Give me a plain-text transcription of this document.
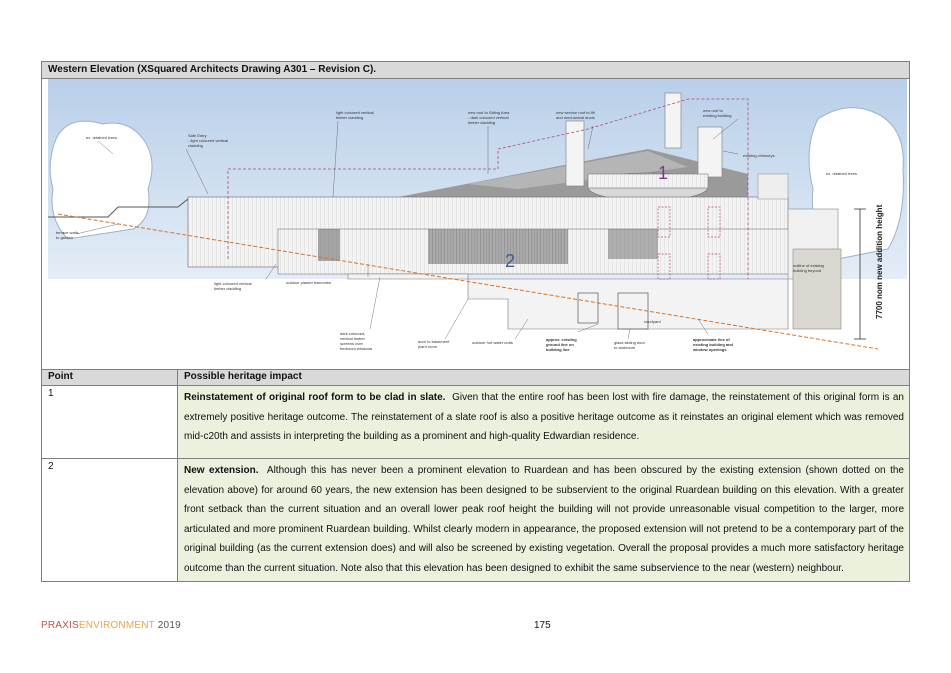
Western Elevation (XSquared Architects Drawing A301 – Revision C).
1
2	7700 nom new addition height
ex. retained trees	Safe Entry
- light coloured vertical
cladding
light coloured vertical
timber cladding
new roof to Sitting Area
- dark coloured vertical
timber cladding
new service roof to lift
and mechanical ducts
new roof to
existing building
existing chimneys
ex. retained trees
terrace walls
to garden
light coloured vertical
timber cladding
outdoor planter balconies
outline of existing
building beyond
dark coloured,
vertical timber
screens over
bedroom windows
door to basement
plant room
outdoor hot water units
approx. existing
ground line on
building line
glass sliding door
to stairroom
courtyard
approximate line of
existing building and
window openings
Point	Possible heritage impact
1	Reinstatement of original roof form to be clad in slate. Given that the entire roof has been lost with fire damage, the reinstatement of this original form is an extremely positive heritage outcome. The reinstatement of a slate roof is also a positive heritage outcome as it reinstates an original element which was removed mid-c20th and assists in interpreting the building as a prominent and high-quality Edwardian residence.
2	New extension. Although this has never been a prominent elevation to Ruardean and has been obscured by the existing extension (shown dotted on the elevation above) for around 60 years, the new extension has been designed to be subservient to the original Ruardean building on this elevation. With a greater front setback than the current situation and an overall lower peak roof height the building will not provide unreasonable visual competition to the larger, more articulated and more prominent Ruardean building. Whilst clearly modern in appearance, the proposed extension will not pretend to be a contemporary part of the original building (as the current extension does) and will also be screened by existing vegetation. Overall the proposal provides a much more satisfactory heritage outcome than the current situation. Note also that this elevation has been designed to exhibit the same subservience to the near (western) neighbour.
PRAXISENVIRONMENT 2019	175
